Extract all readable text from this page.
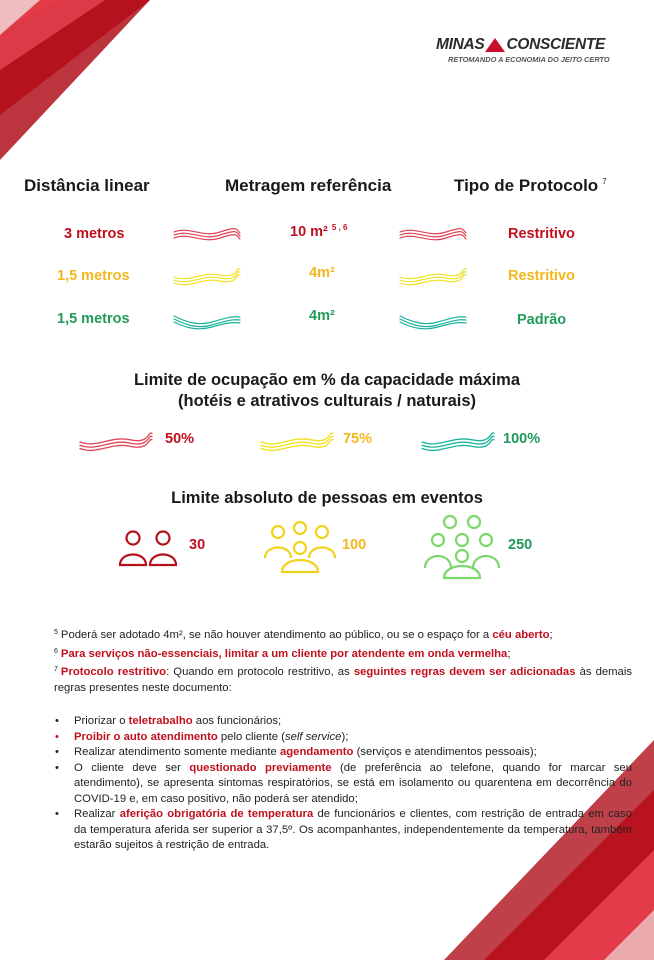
MINAS CONSCIENTE
RETOMANDO A ECONOMIA DO JEITO CERTO
Distância linear	Metragem referência	Tipo de Protocolo $^7$
3 metros	10 m² $^{5 , 6}$	Restritivo
1,5 metros	4m²	Restritivo
1,5 metros	4m²	Padrão
Limite de ocupação em % da capacidade máxima
(hotéis e atrativos culturais / naturais)
50%	75%	100%
Limite absoluto de pessoas em eventos
30	100	250

$^5$ Poderá ser adotado 4m², se não houver atendimento ao público, ou se o espaço for a céu aberto;

$^6$ Para serviços não-essenciais, limitar a um cliente por atendente em onda vermelha;

$^7$ Protocolo restritivo: Quando em protocolo restritivo, as seguintes regras devem ser adicionadas às demais regras presentes neste documento:

• Priorizar o teletrabalho aos funcionários;
• Proibir o auto atendimento pelo cliente (self service);
• Realizar atendimento somente mediante agendamento (serviços e atendimentos pessoais);
• O cliente deve ser questionado previamente (de preferência ao telefone, quando for marcar seu atendimento), se apresenta sintomas respiratórios, se está em isolamento ou quarentena em decorrência do COVID-19 e, em caso positivo, não poderá ser atendido;
• Realizar aferição obrigatória de temperatura de funcionários e clientes, com restrição de entrada em caso da temperatura aferida ser superior a 37,5º. Os acompanhantes, independentemente da temperatura, também estarão sujeitos à restrição de entrada.
